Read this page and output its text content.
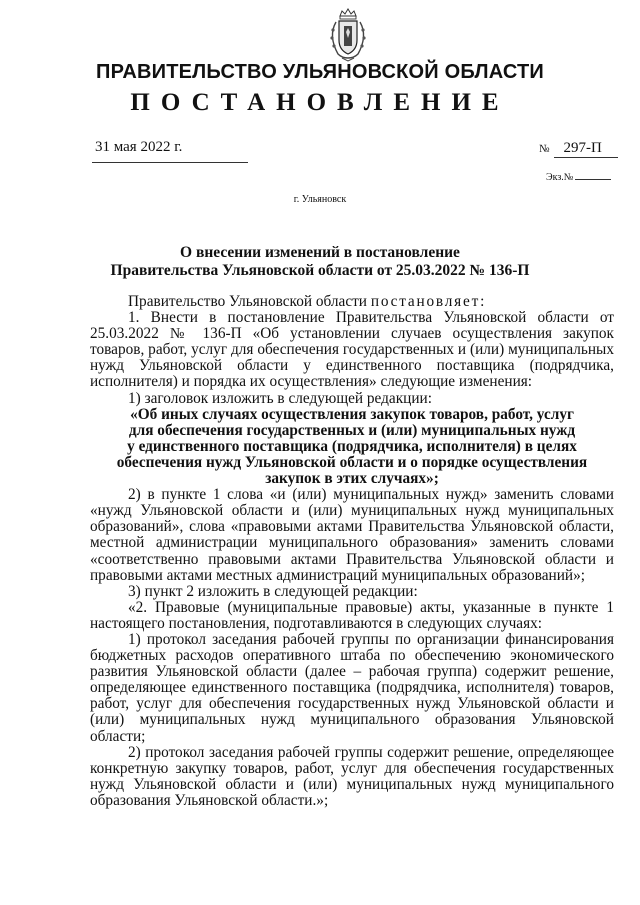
ПРАВИТЕЛЬСТВО УЛЬЯНОВСКОЙ ОБЛАСТИ
ПОСТАНОВЛЕНИЕ
31 мая 2022 г.	№ 297-П
Экз.№
г. Ульяновск
О внесении изменений в постановление
Правительства Ульяновской области от 25.03.2022 № 136-П

Правительство Ульяновской области постановляет:

1. Внести в постановление Правительства Ульяновской области от 25.03.2022 № 136-П «Об установлении случаев осуществления закупок товаров, работ, услуг для обеспечения государственных и (или) муниципальных нужд Ульяновской области у единственного поставщика (подрядчика, исполнителя) и порядка их осуществления» следующие изменения:

1) заголовок изложить в следующей редакции:

«Об иных случаях осуществления закупок товаров, работ, услуг

для обеспечения государственных и (или) муниципальных нужд

у единственного поставщика (подрядчика, исполнителя) в целях

обеспечения нужд Ульяновской области и о порядке осуществления

закупок в этих случаях»;

2) в пункте 1 слова «и (или) муниципальных нужд» заменить словами «нужд Ульяновской области и (или) муниципальных нужд муниципальных образований», слова «правовыми актами Правительства Ульяновской области, местной администрации муниципального образования» заменить словами «соответственно правовыми актами Правительства Ульяновской области и правовыми актами местных администраций муниципальных образований»;

3) пункт 2 изложить в следующей редакции:

«2. Правовые (муниципальные правовые) акты, указанные в пункте 1 настоящего постановления, подготавливаются в следующих случаях:

1) протокол заседания рабочей группы по организации финансирования бюджетных расходов оперативного штаба по обеспечению экономического развития Ульяновской области (далее – рабочая группа) содержит решение, определяющее единственного поставщика (подрядчика, исполнителя) товаров, работ, услуг для обеспечения государственных нужд Ульяновской области и (или) муниципальных нужд муниципального образования Ульяновской области;

2) протокол заседания рабочей группы содержит решение, определяющее конкретную закупку товаров, работ, услуг для обеспечения государственных нужд Ульяновской области и (или) муниципальных нужд муниципального образования Ульяновской области.»;
